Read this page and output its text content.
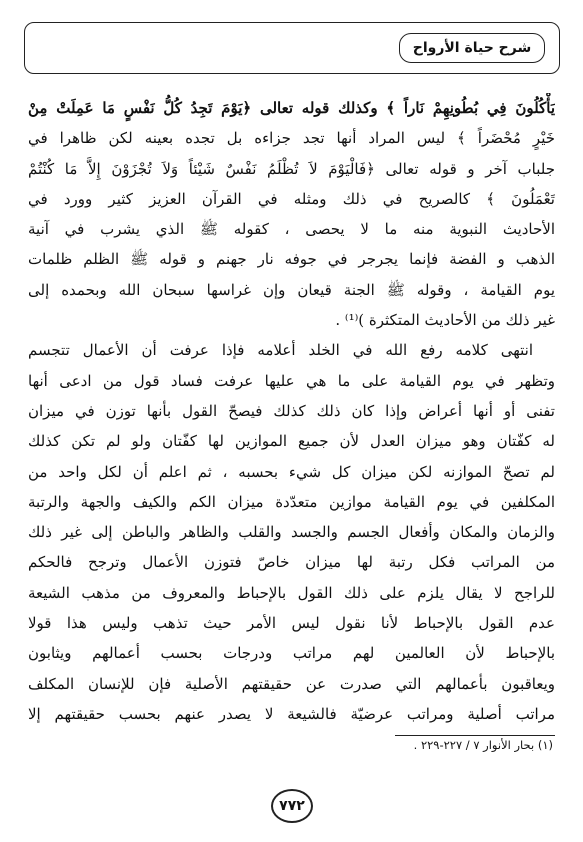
شرح حياة الأرواح
يَأْكُلُونَ فِي بُطُونِهِمْ نَاراً ﴾ وكذلك قوله تعالى ﴿يَوْمَ تَجِدُ كُلُّ نَفْسٍ مَا عَمِلَتْ مِنْ
خَيْرٍ مُحْضَراً ﴾ ليس المراد أنها تجد جزاءه بل تجده بعينه لكن ظاهرا في
جلباب آخر و قوله تعالى ﴿فَالْيَوْمَ لاَ تُظْلَمُ نَفْسٌ شَيْئاً وَلاَ تُجْزَوْنَ إِلاَّ مَا كُنْتُمْ
تَعْمَلُونَ ﴾ كالصريح في ذلك ومثله في القرآن العزيز كثير وورد في
الأحاديث النبوية منه ما لا يحصى ، كقوله ﷺ الذي يشرب في آنية
الذهب و الفضة فإنما يجرجر في جوفه نار جهنم و قوله ﷺ الظلم ظلمات
يوم القيامة ، وقوله ﷺ الجنة قيعان وإن غراسها سبحان الله وبحمده إلى
غير ذلك من الأحاديث المتكثرة )⁽¹⁾ .
انتهى كلامه رفع الله في الخلد أعلامه فإذا عرفت أن الأعمال تتجسم
وتظهر في يوم القيامة على ما هي عليها عرفت فساد قول من ادعى أنها
تفنى أو أنها أعراض وإذا كان ذلك كذلك فيصحّ القول بأنها توزن في ميزان
له كفّتان وهو ميزان العدل لأن جميع الموازين لها كفّتان ولو لم تكن كذلك
لم تصحّ الموازنه لكن ميزان كل شيء بحسبه ، ثم اعلم أن لكل واحد من
المكلفين في يوم القيامة موازين متعدّدة ميزان الكم والكيف والجهة والرتبة
والزمان والمكان وأفعال الجسم والجسد والقلب والظاهر والباطن إلى غير ذلك
من المراتب فكل رتبة لها ميزان خاصّ فتوزن الأعمال وترجح فالحكم
للراجح لا يقال يلزم على ذلك القول بالإحباط والمعروف من مذهب الشيعة
عدم القول بالإحباط لأنا نقول ليس الأمر حيث تذهب وليس هذا قولا
بالإحباط لأن العالمين لهم مراتب ودرجات بحسب أعمالهم ويثابون
ويعاقبون بأعمالهم التي صدرت عن حقيقتهم الأصلية فإن للإنسان المكلف
مراتب أصلية ومراتب عرضيّة فالشيعة لا يصدر عنهم بحسب حقيقتهم إلا
(١) بحار الأنوار ٧ / ٢٢٧-٢٢٩ .
٧٧٢
